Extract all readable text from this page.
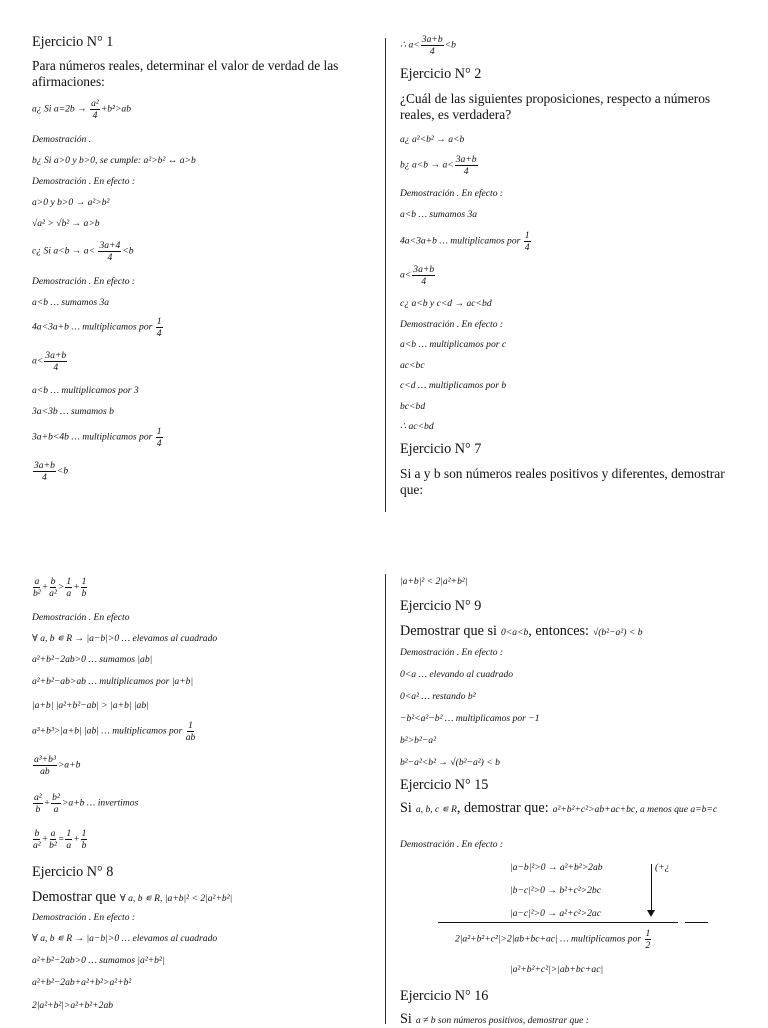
Ejercicio N° 1
Para números reales, determinar el valor de verdad de las afirmaciones:
a¿ Si $a=2b \to \frac{\text{a²}}{4} +b^2>ab$
Demostración .
b¿ Si a>0 y b>0, se cumple: a²>b² ↔ a>b
Demostración . En efecto :
a>0 y b>0 → a²>b²
√a² > √b² → a>b
c¿ Si $a<b \to a< \frac{3a+4}{4} <b$
Demostración . En efecto :
a<b … sumamos 3a
4a<3a+b … multiplicamos por $\frac{1}{4}$
$a< \frac{3a+b}{4}$
a<b … multiplicamos por 3
3a<3b … sumamos b
3a+b<4b … multiplicamos por $\frac{1}{4}$
$\frac{3a+b}{4} <b$
∴ $a< \frac{3a+b}{4} <b$
Ejercicio N° 2
¿Cuál de las siguientes proposiciones, respecto a números reales, es verdadera?
a¿ a²<b² → a<b
b¿ $a<b \to a< \frac{3a+b}{4}$
Demostración . En efecto :
a<b … sumamos 3a
4a<3a+b … multiplicamos por $\frac{1}{4}$
$a< \frac{3a+b}{4}$
c¿ a<b y c<d → ac<bd
Demostración . En efecto :
a<b … multiplicamos por c
ac<bc
c<d … multiplicamos por b
bc<bd
∴ ac<bd
Ejercicio N° 7
Si a y b son números reales positivos y diferentes, demostrar que:
$\frac{a}{\text{b²}} + \frac{b}{\text{a²}} > \frac{1}{a} + \frac{1}{b}$
Demostración . En efecto
∀ a, b ∊ R → |a−b|>0 … elevamos al cuadrado
a²+b²−2ab>0 … sumamos |ab|
a²+b²−ab>ab … multiplicamos por |a+b|
|a+b| |a²+b²−ab| > |a+b| |ab|
a³+b³>|a+b| |ab| … multiplicamos por $\frac{1}{ab}$
$\frac{\text{a³+b³}}{ab} >a+b$
$\frac{\text{a²}}{b} + \frac{\text{b²}}{a} >a+b$ … invertimos
$\frac{b}{\text{a²}} + \frac{a}{\text{b²}} = \frac{1}{a} + \frac{1}{b}$
Ejercicio N° 8
Demostrar que ∀ a, b ∊ R, |a+b|² < 2|a²+b²|
Demostración . En efecto :
∀ a, b ∊ R → |a−b|>0 … elevamos al cuadrado
a²+b²−2ab>0 … sumamos |a²+b²|
a²+b²−2ab+a²+b²>a²+b²
2|a²+b²|>a²+b²+2ab
|a+b|² < 2|a²+b²|
Ejercicio N° 9
Demostrar que si 0<a<b, entonces: √(b²−a²) < b
Demostración . En efecto :
0<a … elevando al cuadrado
0<a² … restando b²
−b²<a²−b² … multiplicamos por −1
b²>b²−a²
b²−a²<b² → √(b²−a²) < b
Ejercicio N° 15
Si a, b, c ∊ R, demostrar que: a²+b²+c²>ab+ac+bc, a menos que a=b=c
Demostración . En efecto :
|a−b|²>0 → a²+b²>2ab	(+¿
|b−c|²>0 → b²+c²>2bc
|a−c|²>0 → a²+c²>2ac
2|a²+b²+c²|>2|ab+bc+ac| … multiplicamos por $\frac{1}{2}$
|a²+b²+c²|>|ab+bc+ac|
Ejercicio N° 16
Si a ≠ b son números positivos, demostrar que :
